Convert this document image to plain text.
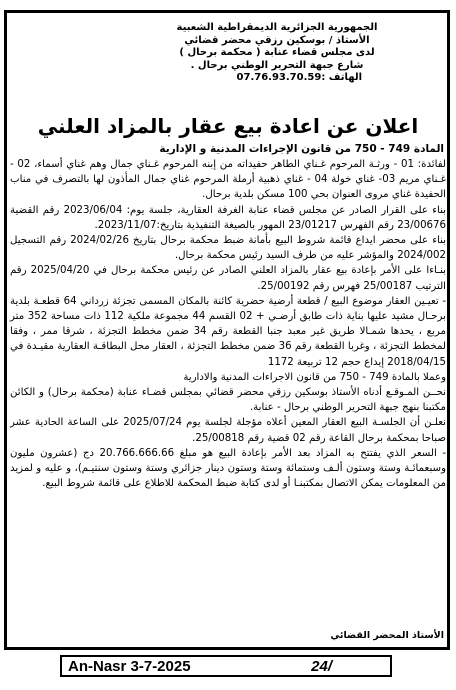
الجمهورية الجزائرية الديمقراطية الشعبية
الأستاذ / بوسكين رزقي محضر قضائي
لدى مجلس قضاء عنابة ( محكمة برحال )
شارع جبهة التحرير الوطني برحال .
الهاتف :07.76.93.70.59
اعلان عن اعادة بيع عقار بالمزاد العلني
المادة 749 - 750 من قانون الإجراءات المدنية و الإدارية

لفائدة: 01 - ورثـة المرحوم غـناي الطاهر حفيداته من إبنه المرحوم غـناي جمال وهم غناي أسماء، 02 - غـناي مريم 03- غناي خولة 04 - غناي ذهبية أرملة المرحوم غناي جمال المأذون لها بالتصرف في مناب الحفيدة غناي مروى العنوان بحي 100 مسكن بلدية برحال.

بناء على القرار الصادر عن مجلس قضاء عنابة الغرفة العقارية، جلسة يوم: 2023/06/04 رقم القضية 23/00676 رقم الفهرس 23/01217 المهور بالصيغة التنفيذية بتاريخ:2023/11/07.

بناء على محضر ايداع قائمة شروط البيع بأمانة ضبط محكمة برحال بتاريخ 2024/02/26 رقم التسجيل 2024/002 والمؤشر عليه من طرف السيد رئيس محكمة برحال.

بنـاءا على الأمر بإعادة بيع عقار بالمزاد العلني الصادر عن رئيس محكمة برحال في 2025/04/20 رقم الترتيب 25/00187 فهرس رقم 25/00192.

- تعيـين العقار موضوع البيع / قطعة أرضية حضرية كائنة بالمكان المسمى تجزئة زرداني 64 قطعـة بلدية برحـال مشيد عليها بناية ذات طابق أرضـي + 02 القسم 44 مجموعة ملكية 112 ذات مساحة 352 متر مربع ، يحدها شمـالا طريق غير معبد جنبا القطعة رقم 34 ضمن مخطط التجزئة ، شرقا ممر ، وفقا لمخطط التجزئة ، وغربا القطعة رقم 36 ضمن مخطط التجزئة ، العقار محل البطاقـة العقارية مقيـدة في 2018/04/15 إيداع حجم 12 تربيعة 1172

وعملا بالمادة 749 - 750 من قانون الاجراءات المدنية والادارية

نحــن المـوقـع أدناه الأستاذ بوسكين رزقي محضر قضائي بمجلس قضـاء عنابة (محكمة برحال) و الكائن مكتبنا بنهج جبهة التحرير الوطني برحال - عنابة.

نعلـن أن الجلسـة البيع العقار المعين أعلاه مؤجلة لجلسة يوم 2025/07/24 على الساعة الحادية عشر صباحا بمحكمة برحال القاعة رقم 02 قضية رقم 25/00818.

- السعر الذي يفتتح به المزاد بعد الأمر بإعادة البيع هو مبلغ 20.766.666.66 دج (عشرون مليون وسبعمائـة وستة وستون ألـف وستمائة وستة وستون دينار جزائري وستة وستون سنتيـم)، و عليه و لمزيد من المعلومات يمكن الاتصال بمكتبنـا أو لدى كتابة ضبط المحكمة للاطلاع على قائمة شروط البيع.

الأستاذ المحضر القضائي
An-Nasr 3-7-2025	24/
